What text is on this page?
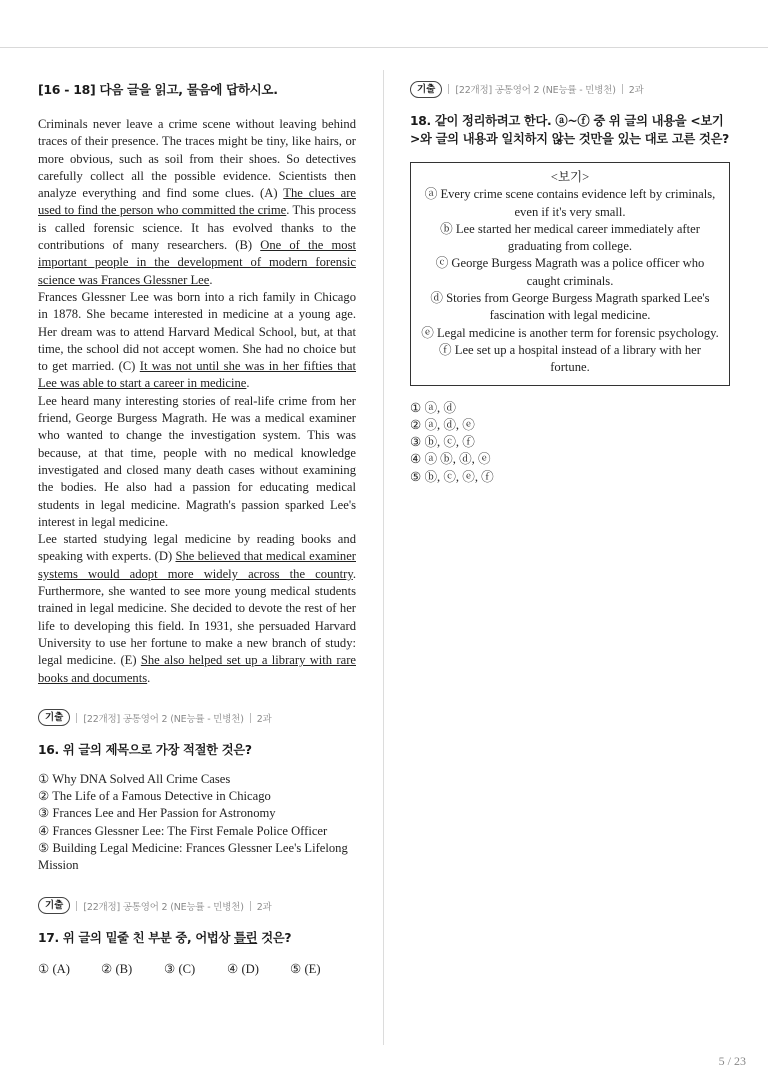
[16 - 18] 다음 글을 읽고, 물음에 답하시오.

Criminals never leave a crime scene without leaving behind traces of their presence. The traces might be tiny, like hairs, or more obvious, such as soil from their shoes. So detectives carefully collect all the possible evidence. Scientists then analyze everything and find some clues. (A) The clues are used to find the person who committed the crime. This process is called forensic science. It has evolved thanks to the contributions of many researchers. (B) One of the most important people in the development of modern forensic science was Frances Glessner Lee.

Frances Glessner Lee was born into a rich family in Chicago in 1878. She became interested in medicine at a young age. Her dream was to attend Harvard Medical School, but, at that time, the school did not accept women. She had no choice but to get married. (C) It was not until she was in her fifties that Lee was able to start a career in medicine.

Lee heard many interesting stories of real-life crime from her friend, George Burgess Magrath. He was a medical examiner who wanted to change the investigation system. This was because, at that time, people with no medical knowledge investigated and closed many death cases without examining the bodies. He also had a passion for educating medical students in legal medicine. Magrath's passion sparked Lee's interest in legal medicine.

Lee started studying legal medicine by reading books and speaking with experts. (D) She believed that medical examiner systems would adopt more widely across the country. Furthermore, she wanted to see more young medical students trained in legal medicine. She decided to devote the rest of her life to developing this field. In 1931, she persuaded Harvard University to use her fortune to make a new branch of study: legal medicine. (E) She also helped set up a library with rare books and documents.

기출	[22개정] 공통영어 2 (NE능률 - 민병천) 2과

16. 위 글의 제목으로 가장 적절한 것은?

① Why DNA Solved All Crime Cases
② The Life of a Famous Detective in Chicago
③ Frances Lee and Her Passion for Astronomy
④ Frances Glessner Lee: The First Female Police Officer
⑤ Building Legal Medicine: Frances Glessner Lee's Lifelong Mission
기출	[22개정] 공통영어 2 (NE능률 - 민병천) 2과

17. 위 글의 밑줄 친 부분 중, 어법상 틀린 것은?

① (A)	② (B)	③ (C)	④ (D)	⑤ (E)
기출	[22개정] 공통영어 2 (NE능률 - 민병천) 2과

18. 같이 정리하려고 한다. ⓐ~ⓕ 중 위 글의 내용을 <보기>와 글의 내용과 일치하지 않는 것만을 있는 대로 고른 것은?

<보기>
ⓐ Every crime scene contains evidence left by criminals, even if it's very small.
ⓑ Lee started her medical career immediately after graduating from college.
ⓒ George Burgess Magrath was a police officer who caught criminals.
ⓓ Stories from George Burgess Magrath sparked Lee's fascination with legal medicine.
ⓔ Legal medicine is another term for forensic psychology.
ⓕ Lee set up a hospital instead of a library with her fortune.
① ⓐ, ⓓ
② ⓐ, ⓓ, ⓔ
③ ⓑ, ⓒ, ⓕ
④ ⓐ ⓑ, ⓓ, ⓔ
⑤ ⓑ, ⓒ, ⓔ, ⓕ
5 / 23
